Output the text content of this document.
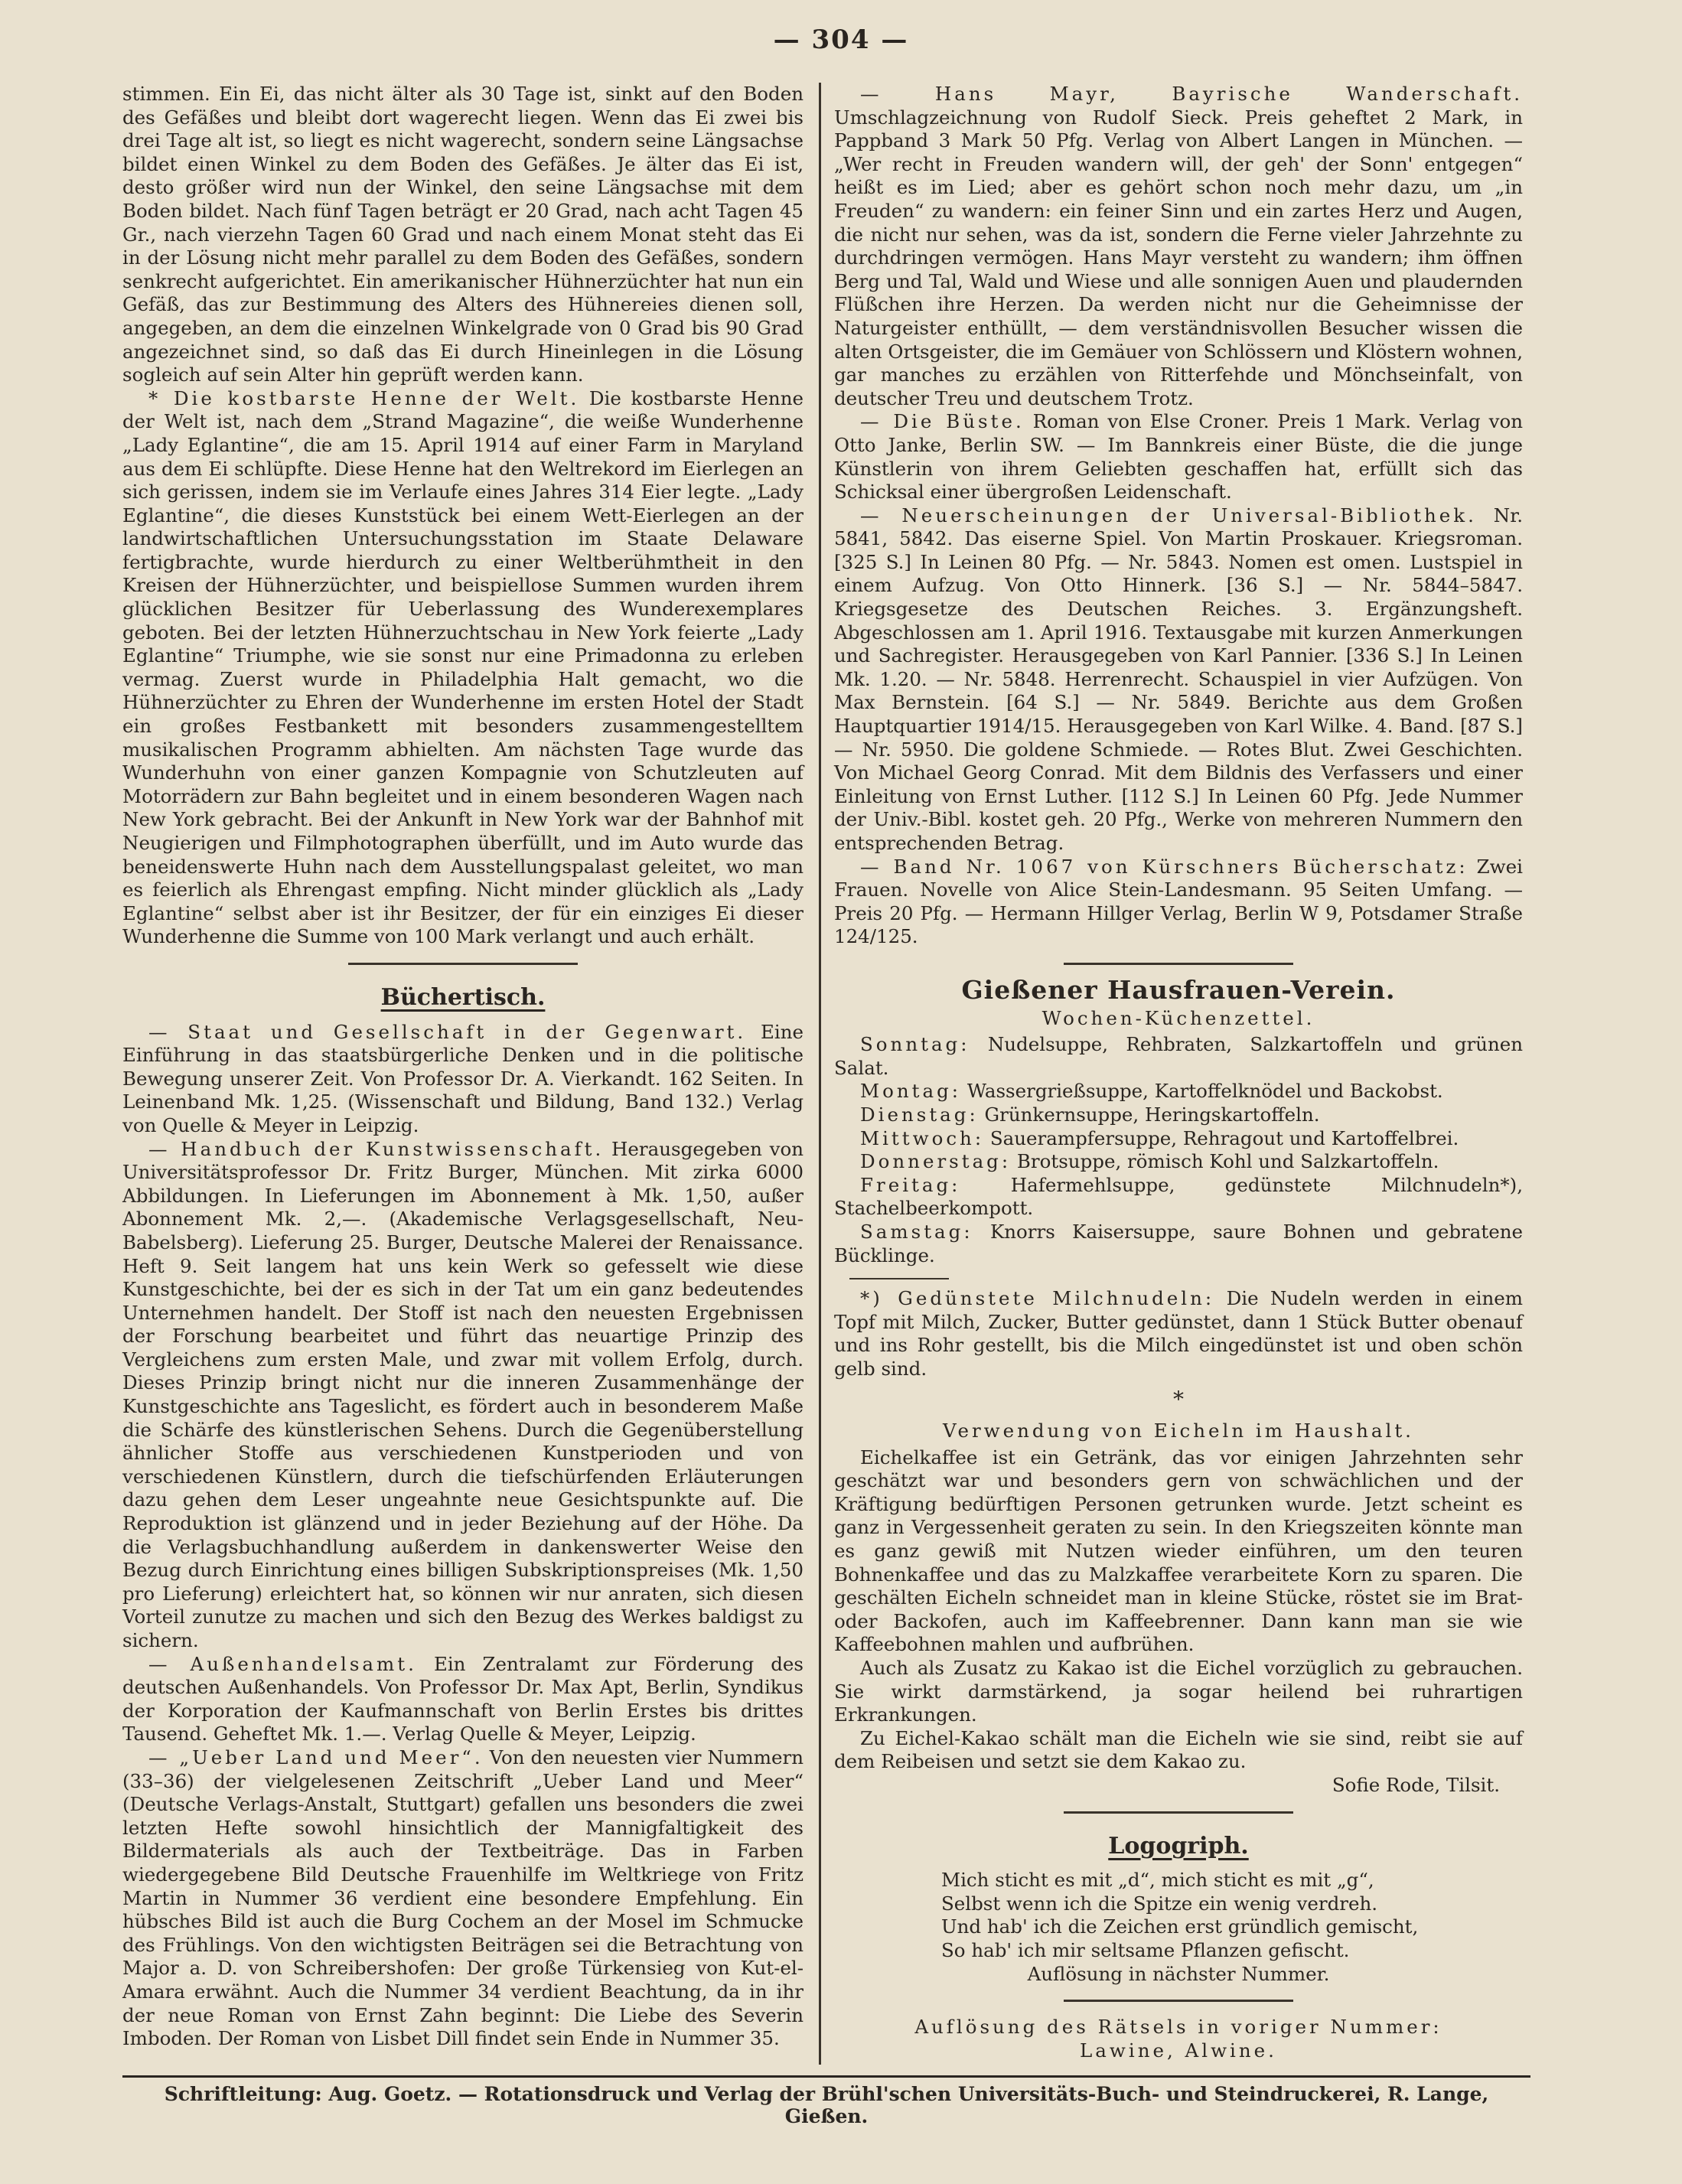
— 304 —

stimmen. Ein Ei, das nicht älter als 30 Tage ist, sinkt auf den Boden des Gefäßes und bleibt dort wagerecht liegen. Wenn das Ei zwei bis drei Tage alt ist, so liegt es nicht wagerecht, sondern seine Längsachse bildet einen Winkel zu dem Boden des Gefäßes. Je älter das Ei ist, desto größer wird nun der Winkel, den seine Längsachse mit dem Boden bildet. Nach fünf Tagen beträgt er 20 Grad, nach acht Tagen 45 Gr., nach vierzehn Tagen 60 Grad und nach einem Monat steht das Ei in der Lösung nicht mehr parallel zu dem Boden des Gefäßes, sondern senkrecht aufgerichtet. Ein amerikanischer Hühnerzüchter hat nun ein Gefäß, das zur Bestimmung des Alters des Hühnereies dienen soll, angegeben, an dem die einzelnen Winkelgrade von 0 Grad bis 90 Grad angezeichnet sind, so daß das Ei durch Hineinlegen in die Lösung sogleich auf sein Alter hin geprüft werden kann.

* Die kostbarste Henne der Welt. Die kostbarste Henne der Welt ist, nach dem „Strand Magazine“, die weiße Wunderhenne „Lady Eglantine“, die am 15. April 1914 auf einer Farm in Maryland aus dem Ei schlüpfte. Diese Henne hat den Weltrekord im Eierlegen an sich gerissen, indem sie im Verlaufe eines Jahres 314 Eier legte. „Lady Eglantine“, die dieses Kunststück bei einem Wett-Eierlegen an der landwirtschaftlichen Untersuchungsstation im Staate Delaware fertigbrachte, wurde hierdurch zu einer Weltberühmtheit in den Kreisen der Hühnerzüchter, und beispiellose Summen wurden ihrem glücklichen Besitzer für Ueberlassung des Wunderexemplares geboten. Bei der letzten Hühnerzuchtschau in New York feierte „Lady Eglantine“ Triumphe, wie sie sonst nur eine Primadonna zu erleben vermag. Zuerst wurde in Philadelphia Halt gemacht, wo die Hühnerzüchter zu Ehren der Wunderhenne im ersten Hotel der Stadt ein großes Festbankett mit besonders zusammengestelltem musikalischen Programm abhielten. Am nächsten Tage wurde das Wunderhuhn von einer ganzen Kompagnie von Schutzleuten auf Motorrädern zur Bahn begleitet und in einem besonderen Wagen nach New York gebracht. Bei der Ankunft in New York war der Bahnhof mit Neugierigen und Filmphotographen überfüllt, und im Auto wurde das beneidenswerte Huhn nach dem Ausstellungspalast geleitet, wo man es feierlich als Ehrengast empfing. Nicht minder glücklich als „Lady Eglantine“ selbst aber ist ihr Besitzer, der für ein einziges Ei dieser Wunderhenne die Summe von 100 Mark verlangt und auch erhält.

Büchertisch.

— Staat und Gesellschaft in der Gegenwart. Eine Einführung in das staatsbürgerliche Denken und in die politische Bewegung unserer Zeit. Von Professor Dr. A. Vierkandt. 162 Seiten. In Leinenband Mk. 1,25. (Wissenschaft und Bildung, Band 132.) Verlag von Quelle & Meyer in Leipzig.

— Handbuch der Kunstwissenschaft. Herausgegeben von Universitätsprofessor Dr. Fritz Burger, München. Mit zirka 6000 Abbildungen. In Lieferungen im Abonnement à Mk. 1,50, außer Abonnement Mk. 2,—. (Akademische Verlagsgesellschaft, Neu-Babelsberg). Lieferung 25. Burger, Deutsche Malerei der Renaissance. Heft 9. Seit langem hat uns kein Werk so gefesselt wie diese Kunstgeschichte, bei der es sich in der Tat um ein ganz bedeutendes Unternehmen handelt. Der Stoff ist nach den neuesten Ergebnissen der Forschung bearbeitet und führt das neuartige Prinzip des Vergleichens zum ersten Male, und zwar mit vollem Erfolg, durch. Dieses Prinzip bringt nicht nur die inneren Zusammenhänge der Kunstgeschichte ans Tageslicht, es fördert auch in besonderem Maße die Schärfe des künstlerischen Sehens. Durch die Gegenüberstellung ähnlicher Stoffe aus verschiedenen Kunstperioden und von verschiedenen Künstlern, durch die tiefschürfenden Erläuterungen dazu gehen dem Leser ungeahnte neue Gesichtspunkte auf. Die Reproduktion ist glänzend und in jeder Beziehung auf der Höhe. Da die Verlagsbuchhandlung außerdem in dankenswerter Weise den Bezug durch Einrichtung eines billigen Subskriptionspreises (Mk. 1,50 pro Lieferung) erleichtert hat, so können wir nur anraten, sich diesen Vorteil zunutze zu machen und sich den Bezug des Werkes baldigst zu sichern.

— Außenhandelsamt. Ein Zentralamt zur Förderung des deutschen Außenhandels. Von Professor Dr. Max Apt, Berlin, Syndikus der Korporation der Kaufmannschaft von Berlin Erstes bis drittes Tausend. Geheftet Mk. 1.—. Verlag Quelle & Meyer, Leipzig.

— „Ueber Land und Meer“. Von den neuesten vier Nummern (33–36) der vielgelesenen Zeitschrift „Ueber Land und Meer“ (Deutsche Verlags-Anstalt, Stuttgart) gefallen uns besonders die zwei letzten Hefte sowohl hinsichtlich der Mannigfaltigkeit des Bildermaterials als auch der Textbeiträge. Das in Farben wiedergegebene Bild Deutsche Frauenhilfe im Weltkriege von Fritz Martin in Nummer 36 verdient eine besondere Empfehlung. Ein hübsches Bild ist auch die Burg Cochem an der Mosel im Schmucke des Frühlings. Von den wichtigsten Beiträgen sei die Betrachtung von Major a. D. von Schreibershofen: Der große Türkensieg von Kut-el-Amara erwähnt. Auch die Nummer 34 verdient Beachtung, da in ihr der neue Roman von Ernst Zahn beginnt: Die Liebe des Severin Imboden. Der Roman von Lisbet Dill findet sein Ende in Nummer 35.

— Hans Mayr, Bayrische Wanderschaft. Umschlagzeichnung von Rudolf Sieck. Preis geheftet 2 Mark, in Pappband 3 Mark 50 Pfg. Verlag von Albert Langen in München. — „Wer recht in Freuden wandern will, der geh' der Sonn' entgegen“ heißt es im Lied; aber es gehört schon noch mehr dazu, um „in Freuden“ zu wandern: ein feiner Sinn und ein zartes Herz und Augen, die nicht nur sehen, was da ist, sondern die Ferne vieler Jahrzehnte zu durchdringen vermögen. Hans Mayr versteht zu wandern; ihm öffnen Berg und Tal, Wald und Wiese und alle sonnigen Auen und plaudernden Flüßchen ihre Herzen. Da werden nicht nur die Geheimnisse der Naturgeister enthüllt, — dem verständnisvollen Besucher wissen die alten Ortsgeister, die im Gemäuer von Schlössern und Klöstern wohnen, gar manches zu erzählen von Ritterfehde und Mönchseinfalt, von deutscher Treu und deutschem Trotz.

— Die Büste. Roman von Else Croner. Preis 1 Mark. Verlag von Otto Janke, Berlin SW. — Im Bannkreis einer Büste, die die junge Künstlerin von ihrem Geliebten geschaffen hat, erfüllt sich das Schicksal einer übergroßen Leidenschaft.

— Neuerscheinungen der Universal-Bibliothek. Nr. 5841, 5842. Das eiserne Spiel. Von Martin Proskauer. Kriegsroman. [325 S.] In Leinen 80 Pfg. — Nr. 5843. Nomen est omen. Lustspiel in einem Aufzug. Von Otto Hinnerk. [36 S.] — Nr. 5844–5847. Kriegsgesetze des Deutschen Reiches. 3. Ergänzungsheft. Abgeschlossen am 1. April 1916. Textausgabe mit kurzen Anmerkungen und Sachregister. Herausgegeben von Karl Pannier. [336 S.] In Leinen Mk. 1.20. — Nr. 5848. Herrenrecht. Schauspiel in vier Aufzügen. Von Max Bernstein. [64 S.] — Nr. 5849. Berichte aus dem Großen Hauptquartier 1914/15. Herausgegeben von Karl Wilke. 4. Band. [87 S.] — Nr. 5950. Die goldene Schmiede. — Rotes Blut. Zwei Geschichten. Von Michael Georg Conrad. Mit dem Bildnis des Verfassers und einer Einleitung von Ernst Luther. [112 S.] In Leinen 60 Pfg. Jede Nummer der Univ.-Bibl. kostet geh. 20 Pfg., Werke von mehreren Nummern den entsprechenden Betrag.

— Band Nr. 1067 von Kürschners Bücherschatz: Zwei Frauen. Novelle von Alice Stein-Landesmann. 95 Seiten Umfang. — Preis 20 Pfg. — Hermann Hillger Verlag, Berlin W 9, Potsdamer Straße 124/125.

Gießener Hausfrauen-Verein.
Wochen-Küchenzettel.

Sonntag: Nudelsuppe, Rehbraten, Salzkartoffeln und grünen Salat.

Montag: Wassergrießsuppe, Kartoffelknödel und Backobst.

Dienstag: Grünkernsuppe, Heringskartoffeln.

Mittwoch: Sauerampfersuppe, Rehragout und Kartoffelbrei.

Donnerstag: Brotsuppe, römisch Kohl und Salzkartoffeln.

Freitag:	Hafermehlsuppe, gedünstete Milchnudeln*), Stachelbeerkompott.

Samstag: Knorrs Kaisersuppe, saure Bohnen und gebratene Bücklinge.

*) Gedünstete Milchnudeln: Die Nudeln werden in einem Topf mit Milch, Zucker, Butter gedünstet, dann 1 Stück Butter obenauf und ins Rohr gestellt, bis die Milch eingedünstet ist und oben schön gelb sind.

*
Verwendung von Eicheln im Haushalt.

Eichelkaffee ist ein Getränk, das vor einigen Jahrzehnten sehr geschätzt war und besonders gern von schwächlichen und der Kräftigung bedürftigen Personen getrunken wurde. Jetzt scheint es ganz in Vergessenheit geraten zu sein. In den Kriegszeiten könnte man es ganz gewiß mit Nutzen wieder einführen, um den teuren Bohnenkaffee und das zu Malzkaffee verarbeitete Korn zu sparen. Die geschälten Eicheln schneidet man in kleine Stücke, röstet sie im Brat- oder Backofen, auch im Kaffeebrenner. Dann kann man sie wie Kaffeebohnen mahlen und aufbrühen.

Auch als Zusatz zu Kakao ist die Eichel vorzüglich zu gebrauchen. Sie wirkt darmstärkend, ja sogar heilend bei ruhrartigen Erkrankungen.

Zu Eichel-Kakao schält man die Eicheln wie sie sind, reibt sie auf dem Reibeisen und setzt sie dem Kakao zu.

Sofie Rode, Tilsit.
Logogriph.
Mich sticht es mit „d“, mich sticht es mit „g“,
Selbst wenn ich die Spitze ein wenig verdreh.
Und hab' ich die Zeichen erst gründlich gemischt,
So hab' ich mir seltsame Pflanzen gefischt.
Auflösung in nächster Nummer.
Auflösung des Rätsels in voriger Nummer:
Lawine, Alwine.
Schriftleitung: Aug. Goetz. — Rotationsdruck und Verlag der Brühl'schen Universitäts-Buch- und Steindruckerei, R. Lange, Gießen.
